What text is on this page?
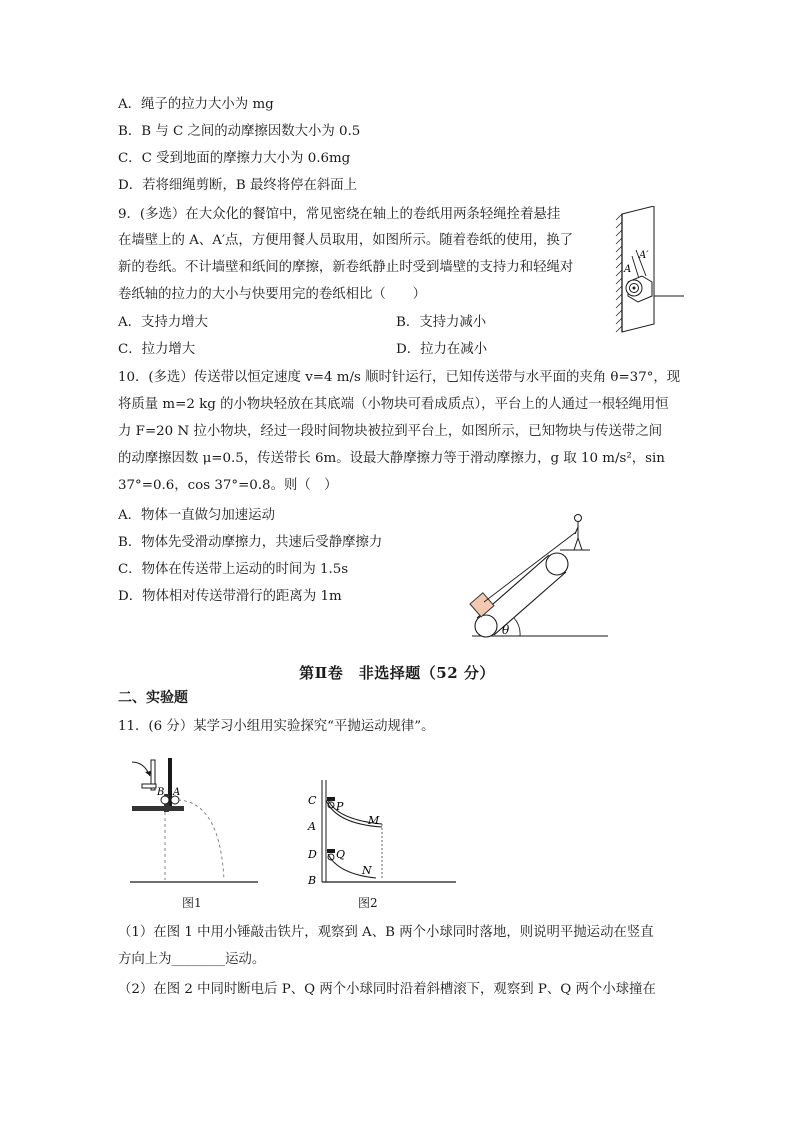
A．绳子的拉力大小为 mg
B．B 与 C 之间的动摩擦因数大小为 0.5
C．C 受到地面的摩擦力大小为 0.6mg
D．若将细绳剪断，B 最终将停在斜面上
9．(多选）在大众化的餐馆中，常见密绕在轴上的卷纸用两条轻绳拴着悬挂
在墙壁上的 A、A′点，方便用餐人员取用，如图所示。随着卷纸的使用，换了
新的卷纸。不计墙壁和纸间的摩擦，新卷纸静止时受到墙壁的支持力和轻绳对
卷纸轴的拉力的大小与快要用完的卷纸相比（　　）
A．支持力增大	B．支持力减小
C．拉力增大	D．拉力在减小
A
A′
10．(多选）传送带以恒定速度 v=4 m/s 顺时针运行，已知传送带与水平面的夹角 θ=37°，现
将质量 m=2 kg 的小物块轻放在其底端（小物块可看成质点），平台上的人通过一根轻绳用恒
力 F=20 N 拉小物块，经过一段时间物块被拉到平台上，如图所示，已知物块与传送带之间
的动摩擦因数 μ=0.5，传送带长 6m。设最大静摩擦力等于滑动摩擦力，g 取 10 m/s²，sin
37°=0.6，cos 37°=0.8。则（　）
A．物体一直做匀加速运动
B．物体先受滑动摩擦力，共速后受静摩擦力
C．物体在传送带上运动的时间为 1.5s
D．物体相对传送带滑行的距离为 1m
θ
第Ⅱ卷　非选择题（52 分）
二、实验题
11．(6 分）某学习小组用实验探究“平抛运动规律”。
B A
图1
C P
A	M
D Q
B
N
图2
（1）在图 1 中用小锤敲击铁片，观察到 A、B 两个小球同时落地，则说明平抛运动在竖直
方向上为________运动。
（2）在图 2 中同时断电后 P、Q 两个小球同时沿着斜槽滚下，观察到 P、Q 两个小球撞在
